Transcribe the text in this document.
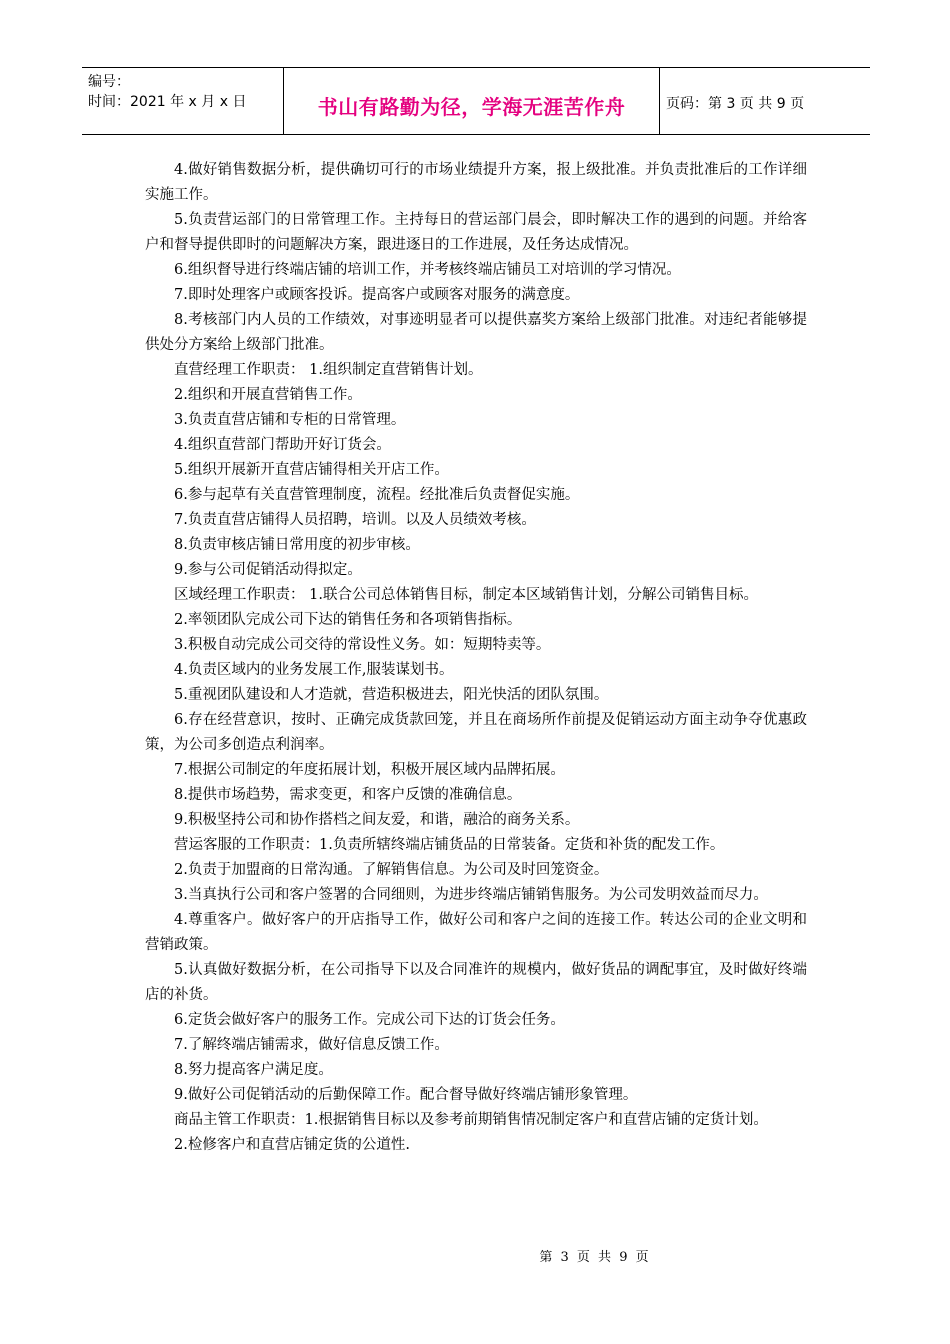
编号：
时间：2021 年 x 月 x 日	书山有路勤为径，学海无涯苦作舟	页码：第 3 页 共 9 页

4.做好销售数据分析，提供确切可行的市场业绩提升方案，报上级批准。并负责批准后的工作详细实施工作。

5.负责营运部门的日常管理工作。主持每日的营运部门晨会，即时解决工作的遇到的问题。并给客户和督导提供即时的问题解决方案，跟进逐日的工作进展，及任务达成情况。

6.组织督导进行终端店铺的培训工作，并考核终端店铺员工对培训的学习情况。

7.即时处理客户或顾客投诉。提高客户或顾客对服务的满意度。

8.考核部门内人员的工作绩效，对事迹明显者可以提供嘉奖方案给上级部门批准。对违纪者能够提供处分方案给上级部门批准。

直营经理工作职责： 1.组织制定直营销售计划。

2.组织和开展直营销售工作。

3.负责直营店铺和专柜的日常管理。

4.组织直营部门帮助开好订货会。

5.组织开展新开直营店铺得相关开店工作。

6.参与起草有关直营管理制度，流程。经批准后负责督促实施。

7.负责直营店铺得人员招聘，培训。以及人员绩效考核。

8.负责审核店铺日常用度的初步审核。

9.参与公司促销活动得拟定。

区域经理工作职责： 1.联合公司总体销售目标，制定本区域销售计划，分解公司销售目标。

2.率领团队完成公司下达的销售任务和各项销售指标。

3.积极自动完成公司交待的常设性义务。如：短期特卖等。

4.负责区域内的业务发展工作,服装谋划书。

5.重视团队建设和人才造就，营造积极进去，阳光快活的团队氛围。

6.存在经营意识，按时、正确完成货款回笼，并且在商场所作前提及促销运动方面主动争夺优惠政策，为公司多创造点利润率。

7.根据公司制定的年度拓展计划，积极开展区域内品牌拓展。

8.提供市场趋势，需求变更，和客户反馈的准确信息。

9.积极坚持公司和协作搭档之间友爱，和谐，融洽的商务关系。

营运客服的工作职责：1.负责所辖终端店铺货品的日常装备。定货和补货的配发工作。

2.负责于加盟商的日常沟通。了解销售信息。为公司及时回笼资金。

3.当真执行公司和客户签署的合同细则，为进步终端店铺销售服务。为公司发明效益而尽力。

4.尊重客户。做好客户的开店指导工作，做好公司和客户之间的连接工作。转达公司的企业文明和营销政策。

5.认真做好数据分析，在公司指导下以及合同准许的规模内，做好货品的调配事宜，及时做好终端店的补货。

6.定货会做好客户的服务工作。完成公司下达的订货会任务。

7.了解终端店铺需求，做好信息反馈工作。

8.努力提高客户满足度。

9.做好公司促销活动的后勤保障工作。配合督导做好终端店铺形象管理。

商品主管工作职责：1.根据销售目标以及参考前期销售情况制定客户和直营店铺的定货计划。

2.检修客户和直营店铺定货的公道性.

第 3 页 共 9 页
